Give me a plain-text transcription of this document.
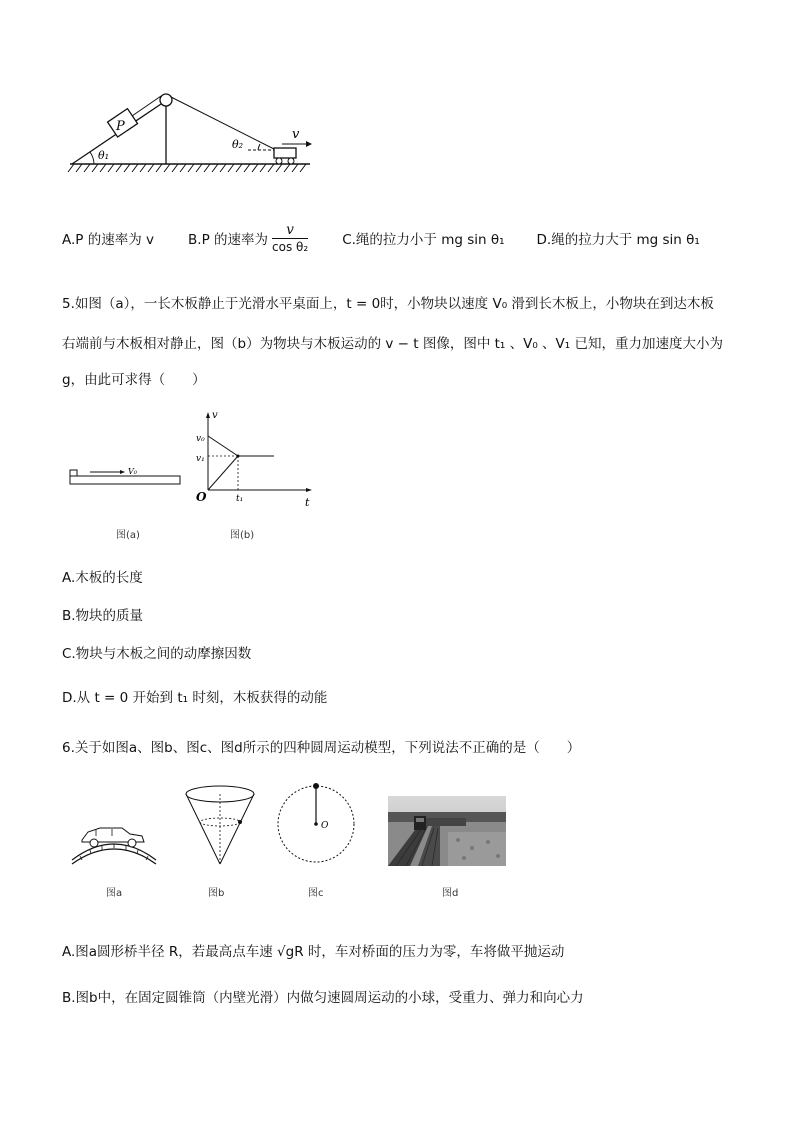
P
θ₁
θ₂
v
A.P 的速率为 v	B.P 的速率为 $\frac{v}{\text{cos θ₂}}$	C.绳的拉力小于 mg sin θ₁ D.绳的拉力大于 mg sin θ₁
5.如图（a），一长木板静止于光滑水平桌面上，t = 0时，小物块以速度 V₀ 滑到长木板上，小物块在到达木板
右端前与木板相对静止，图（b）为物块与木板运动的 v − t 图像，图中 t₁ 、V₀ 、V₁ 已知，重力加速度大小为
g，由此可求得（　　）
V₀
图(a)
v
t
O
v₀
v₁
t₁
图(b)
A.木板的长度
B.物块的质量
C.物块与木板之间的动摩擦因数
D.从 t = 0 开始到 t₁ 时刻，木板获得的动能
6.关于如图a、图b、图c、图d所示的四种圆周运动模型，下列说法不正确的是（　　）
图a	图b
O
图c	图d
A.图a圆形桥半径 R，若最高点车速 √gR 时，车对桥面的压力为零，车将做平抛运动
B.图b中，在固定圆锥筒（内壁光滑）内做匀速圆周运动的小球，受重力、弹力和向心力
